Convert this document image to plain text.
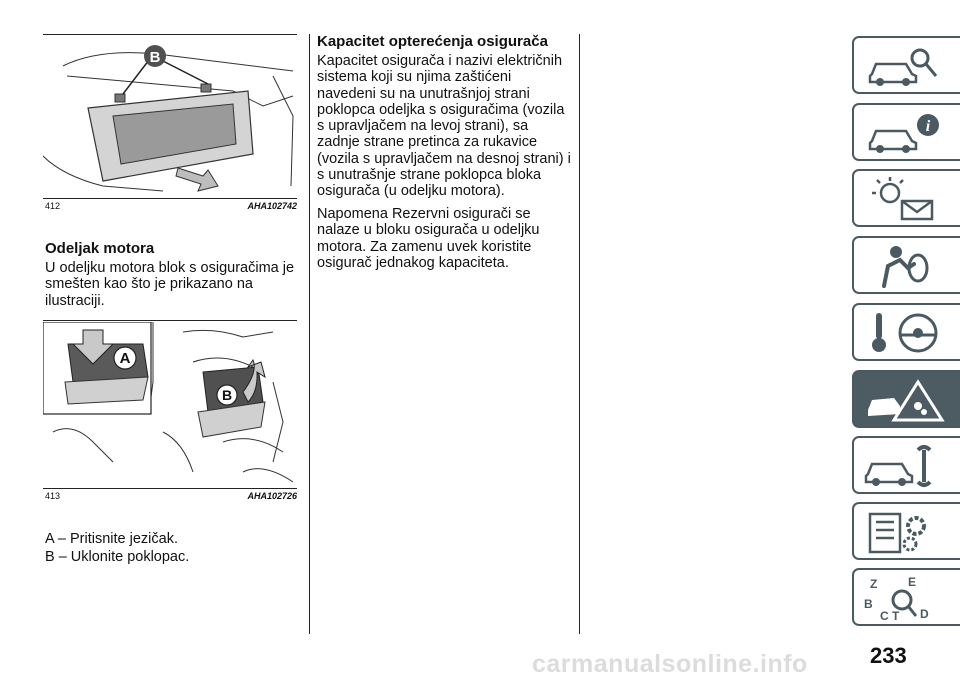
B
412	AHA102742
Odeljak motora
U odeljku motora blok s osiguračima je smešten kao što je prikazano na ilustraciji.
A
B
413	AHA102726
A – Pritisnite jezičak.
B – Uklonite poklopac.
Kapacitet opterećenja osigurača
Kapacitet osigurača i nazivi električnih sistema koji su njima zaštićeni navedeni su na unutrašnjoj strani poklopca odeljka s osiguračima (vozila s upravljačem na levoj strani), sa zadnje strane pretinca za rukavice (vozila s upravljačem na desnoj strani) i s unutrašnje strane poklopca bloka osigurača (u odeljku motora).
Napomena Rezervni osigurači se nalaze u bloku osigurača u odeljku motora. Za zamenu uvek koristite osigurač jednakog kapaciteta.
i
Z	E
B
C	D
T
233
carmanualsonline.info
